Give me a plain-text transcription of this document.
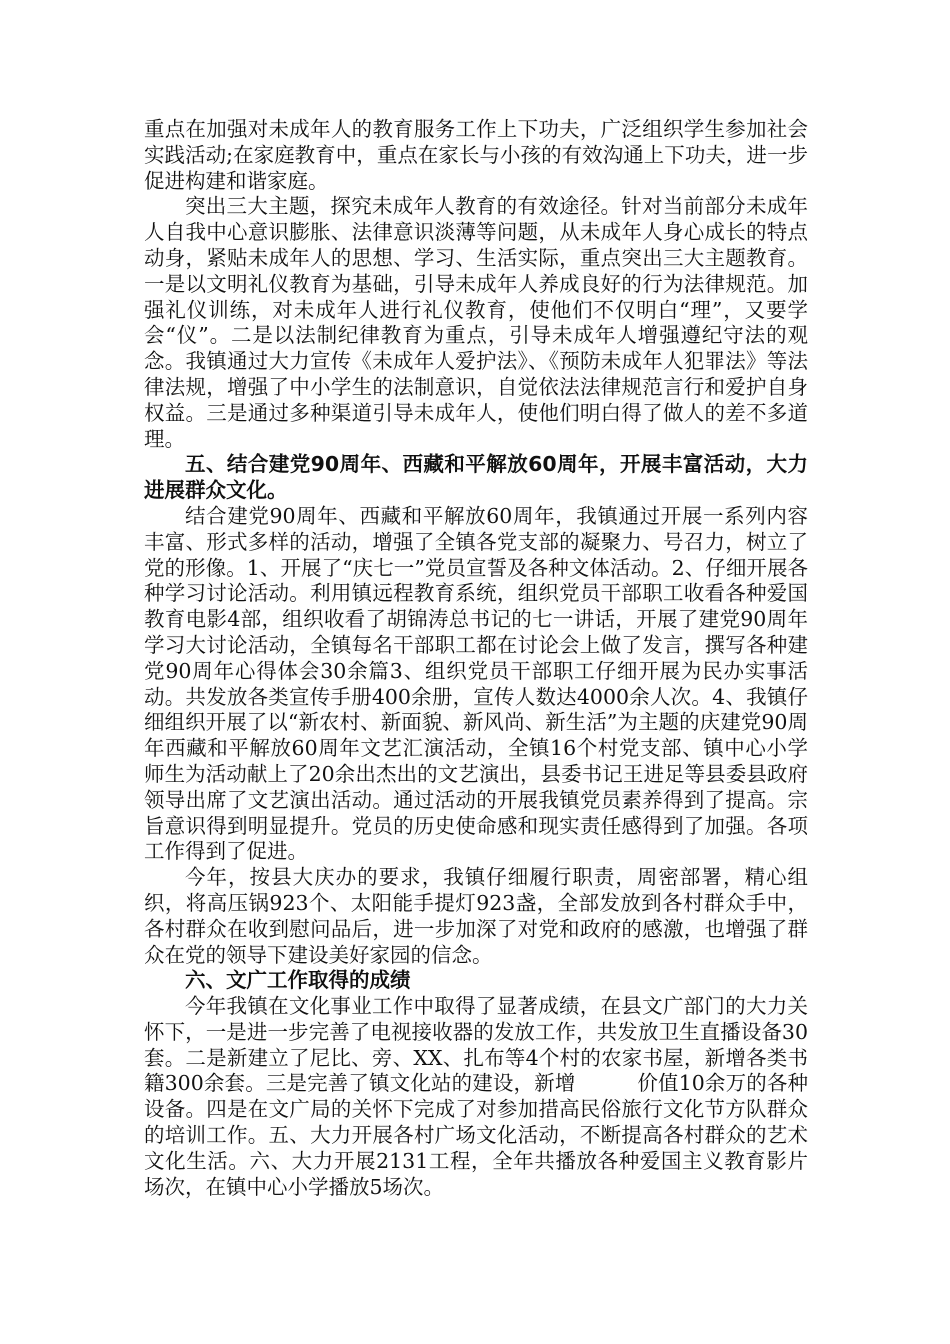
重点在加强对未成年人的教育服务工作上下功夫，广泛组织学生参加社会实践活动;在家庭教育中，重点在家长与小孩的有效沟通上下功夫，进一步促进构建和谐家庭。

突出三大主题，探究未成年人教育的有效途径。针对当前部分未成年人自我中心意识膨胀、法律意识淡薄等问题，从未成年人身心成长的特点动身，紧贴未成年人的思想、学习、生活实际，重点突出三大主题教育。一是以文明礼仪教育为基础，引导未成年人养成良好的行为法律规范。加强礼仪训练，对未成年人进行礼仪教育，使他们不仅明白“理”，又要学会“仪”。二是以法制纪律教育为重点，引导未成年人增强遵纪守法的观念。我镇通过大力宣传《未成年人爱护法》、《预防未成年人犯罪法》等法律法规，增强了中小学生的法制意识，自觉依法法律规范言行和爱护自身权益。三是通过多种渠道引导未成年人，使他们明白得了做人的差不多道理。

五、结合建党90周年、西藏和平解放60周年，开展丰富活动，大力进展群众文化。

结合建党90周年、西藏和平解放60周年，我镇通过开展一系列内容丰富、形式多样的活动，增强了全镇各党支部的凝聚力、号召力，树立了党的形像。1、开展了“庆七一”党员宣誓及各种文体活动。2、仔细开展各种学习讨论活动。利用镇远程教育系统，组织党员干部职工收看各种爱国教育电影4部，组织收看了胡锦涛总书记的七一讲话，开展了建党90周年学习大讨论活动，全镇每名干部职工都在讨论会上做了发言，撰写各种建党90周年心得体会30余篇3、组织党员干部职工仔细开展为民办实事活动。共发放各类宣传手册400余册，宣传人数达4000余人次。4、我镇仔细组织开展了以“新农村、新面貌、新风尚、新生活”为主题的庆建党90周年西藏和平解放60周年文艺汇演活动，全镇16个村党支部、镇中心小学师生为活动献上了20余出杰出的文艺演出，县委书记王进足等县委县政府领导出席了文艺演出活动。通过活动的开展我镇党员素养得到了提高。宗旨意识得到明显提升。党员的历史使命感和现实责任感得到了加强。各项工作得到了促进。

今年，按县大庆办的要求，我镇仔细履行职责，周密部署，精心组织，将高压锅923个、太阳能手提灯923盏，全部发放到各村群众手中，各村群众在收到慰问品后，进一步加深了对党和政府的感激，也增强了群众在党的领导下建设美好家园的信念。

六、文广工作取得的成绩

今年我镇在文化事业工作中取得了显著成绩，在县文广部门的大力关怀下，一是进一步完善了电视接收器的发放工作，共发放卫生直播设备30套。二是新建立了尼比、旁、XX、扎布等4个村的农家书屋，新增各类书籍300余套。三是完善了镇文化站的建设，新增　　　价值10余万的各种设备。四是在文广局的关怀下完成了对参加措高民俗旅行文化节方队群众的培训工作。五、大力开展各村广场文化活动，不断提高各村群众的艺术文化生活。六、大力开展2131工程，全年共播放各种爱国主义教育影片　　场次，在镇中心小学播放5场次。
